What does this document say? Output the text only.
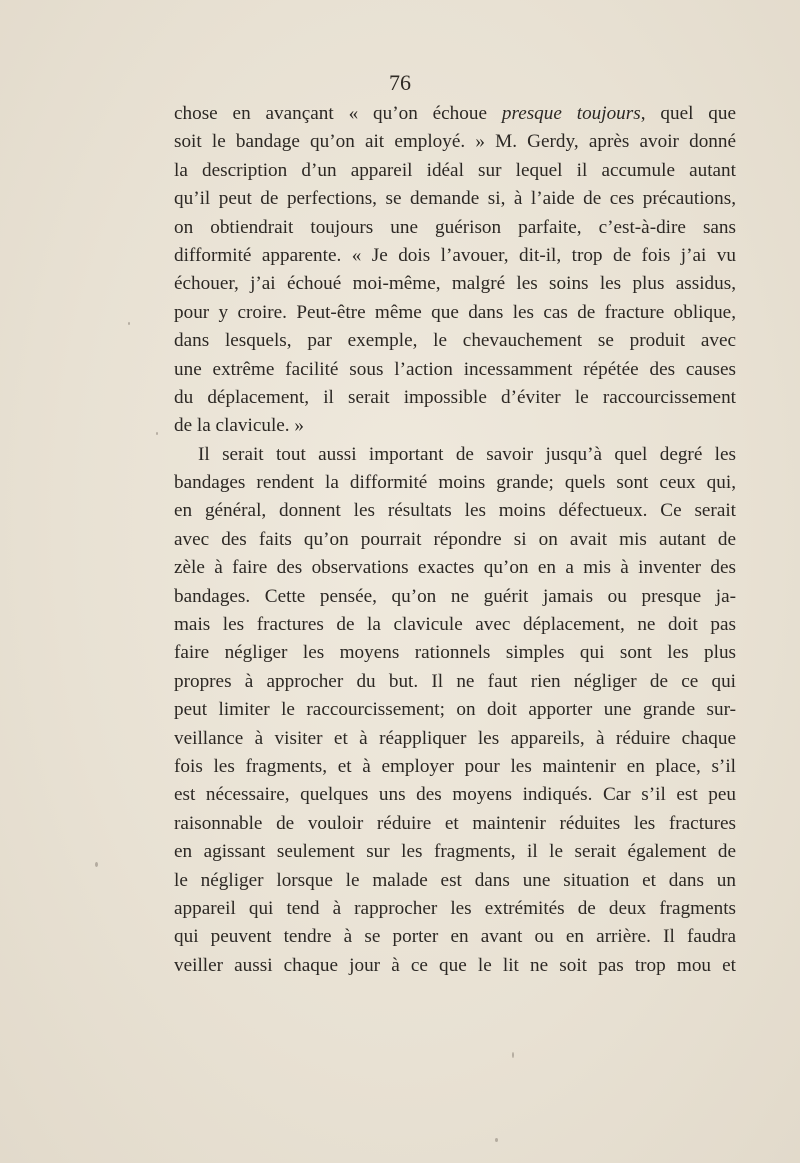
76
chose en avançant « qu’on échoue presque toujours, quel que
soit le bandage qu’on ait employé. » M. Gerdy, après avoir donné
la description d’un appareil idéal sur lequel il accumule autant
qu’il peut de perfections, se demande si, à l’aide de ces précautions,
on obtiendrait toujours une guérison parfaite, c’est-à-dire sans
difformité apparente. « Je dois l’avouer, dit-il, trop de fois j’ai vu
échouer, j’ai échoué moi-même, malgré les soins les plus assidus,
pour y croire. Peut-être même que dans les cas de fracture oblique,
dans lesquels, par exemple, le chevauchement se produit avec
une extrême facilité sous l’action incessamment répétée des causes
du déplacement, il serait impossible d’éviter le raccourcissement
de la clavicule. »
Il serait tout aussi important de savoir jusqu’à quel degré les
bandages rendent la difformité moins grande; quels sont ceux qui,
en général, donnent les résultats les moins défectueux. Ce serait
avec des faits qu’on pourrait répondre si on avait mis autant de
zèle à faire des observations exactes qu’on en a mis à inventer des
bandages. Cette pensée, qu’on ne guérit jamais ou presque ja-
mais les fractures de la clavicule avec déplacement, ne doit pas
faire négliger les moyens rationnels simples qui sont les plus
propres à approcher du but. Il ne faut rien négliger de ce qui
peut limiter le raccourcissement; on doit apporter une grande sur-
veillance à visiter et à réappliquer les appareils, à réduire chaque
fois les fragments, et à employer pour les maintenir en place, s’il
est nécessaire, quelques uns des moyens indiqués. Car s’il est peu
raisonnable de vouloir réduire et maintenir réduites les fractures
en agissant seulement sur les fragments, il le serait également de
le négliger lorsque le malade est dans une situation et dans un
appareil qui tend à rapprocher les extrémités de deux fragments
qui peuvent tendre à se porter en avant ou en arrière. Il faudra
veiller aussi chaque jour à ce que le lit ne soit pas trop mou et
